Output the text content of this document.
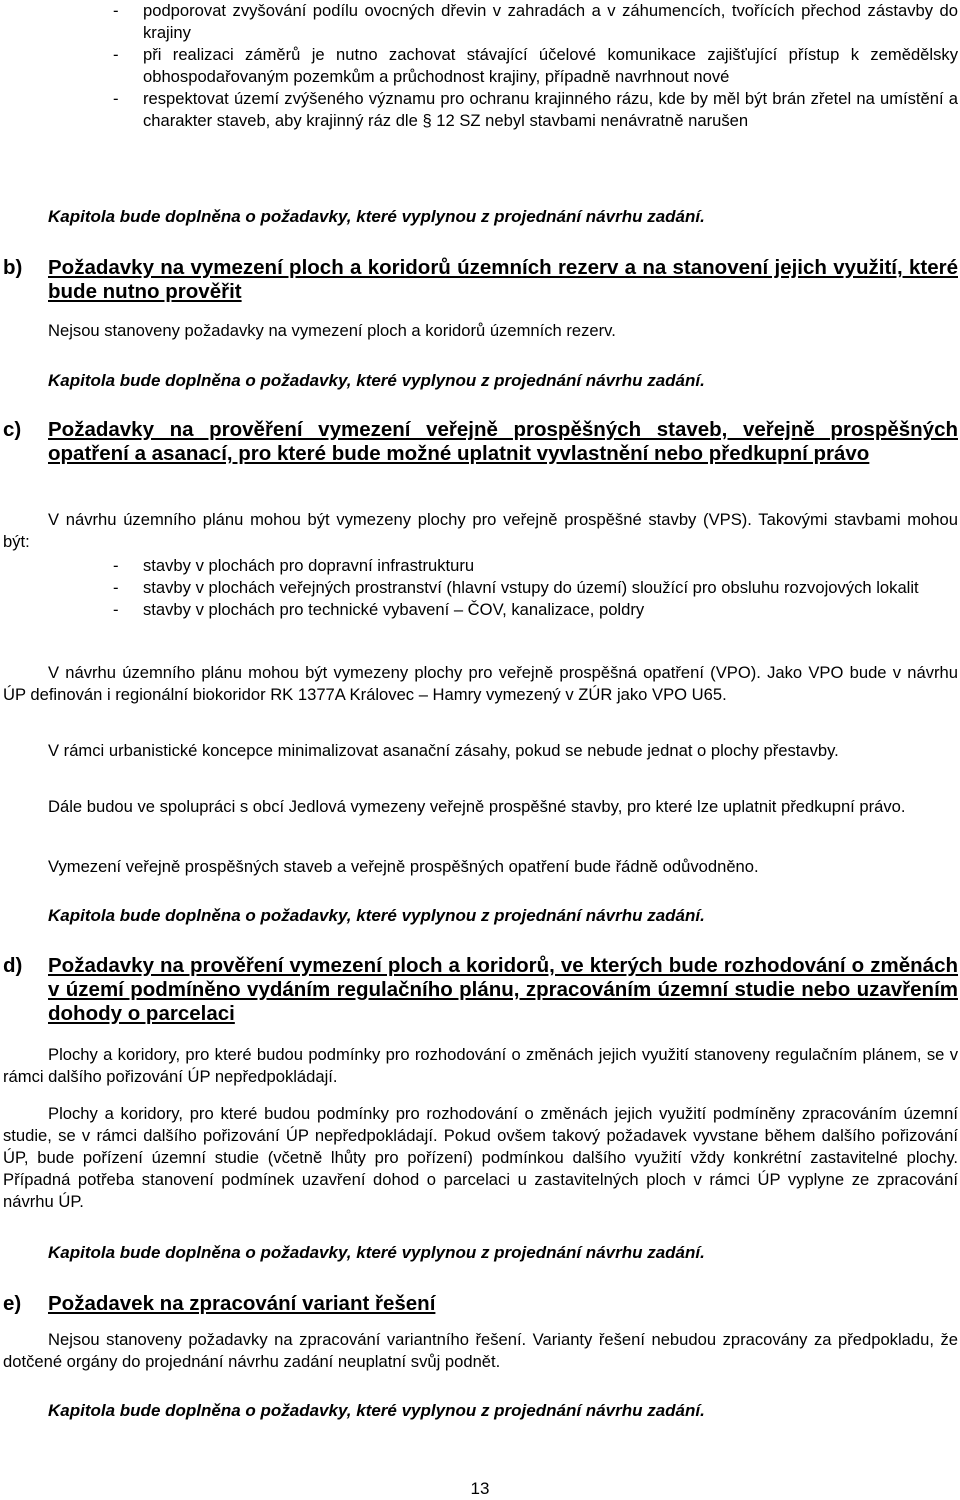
- podporovat zvyšování podílu ovocných dřevin v zahradách a v záhumencích, tvořících přechod zástavby do krajiny
- při realizaci záměrů je nutno zachovat stávající účelové komunikace zajišťující přístup k zemědělsky obhospodařovaným pozemkům a průchodnost krajiny, případně navrhnout nové
- respektovat území zvýšeného významu pro ochranu krajinného rázu, kde by měl být brán zřetel na umístění a charakter staveb, aby krajinný ráz dle § 12 SZ nebyl stavbami nenávratně narušen
Kapitola bude doplněna o požadavky, které vyplynou z projednání návrhu zadání.
b)	Požadavky na vymezení ploch a koridorů územních rezerv a na stanovení jejich využití, které bude nutno prověřit

Nejsou stanoveny požadavky na vymezení ploch a koridorů územních rezerv.

Kapitola bude doplněna o požadavky, které vyplynou z projednání návrhu zadání.
c)	Požadavky na prověření vymezení veřejně prospěšných staveb, veřejně prospěšných opatření a asanací, pro které bude možné uplatnit vyvlastnění nebo předkupní právo

V návrhu územního plánu mohou být vymezeny plochy pro veřejně prospěšné stavby (VPS). Takovými stavbami mohou být:

- stavby v plochách pro dopravní infrastrukturu
- stavby v plochách veřejných prostranství (hlavní vstupy do území) sloužící pro obsluhu rozvojových lokalit
- stavby v plochách pro technické vybavení – ČOV, kanalizace, poldry

V návrhu územního plánu mohou být vymezeny plochy pro veřejně prospěšná opatření (VPO). Jako VPO bude v návrhu ÚP definován i regionální biokoridor RK 1377A Královec – Hamry vymezený v ZÚR jako VPO U65.

V rámci urbanistické koncepce minimalizovat asanační zásahy, pokud se nebude jednat o plochy přestavby.

Dále budou ve spolupráci s obcí Jedlová vymezeny veřejně prospěšné stavby, pro které lze uplatnit předkupní právo.

Vymezení veřejně prospěšných staveb a veřejně prospěšných opatření bude řádně odůvodněno.

Kapitola bude doplněna o požadavky, které vyplynou z projednání návrhu zadání.
d)	Požadavky na prověření vymezení ploch a koridorů, ve kterých bude rozhodování o změnách v území podmíněno vydáním regulačního plánu, zpracováním územní studie nebo uzavřením dohody o parcelaci

Plochy a koridory, pro které budou podmínky pro rozhodování o změnách jejich využití stanoveny regulačním plánem, se v rámci dalšího pořizování ÚP nepředpokládají.

Plochy a koridory, pro které budou podmínky pro rozhodování o změnách jejich využití podmíněny zpracováním územní studie, se v rámci dalšího pořizování ÚP nepředpokládají. Pokud ovšem takový požadavek vyvstane během dalšího pořizování ÚP, bude pořízení územní studie (včetně lhůty pro pořízení) podmínkou dalšího využití vždy konkrétní zastavitelné plochy. Případná potřeba stanovení podmínek uzavření dohod o parcelaci u zastavitelných ploch v rámci ÚP vyplyne ze zpracování návrhu ÚP.

Kapitola bude doplněna o požadavky, které vyplynou z projednání návrhu zadání.
e)	Požadavek na zpracování variant řešení

Nejsou stanoveny požadavky na zpracování variantního řešení. Varianty řešení nebudou zpracovány za předpokladu, že dotčené orgány do projednání návrhu zadání neuplatní svůj podnět.

Kapitola bude doplněna o požadavky, které vyplynou z projednání návrhu zadání.
13
